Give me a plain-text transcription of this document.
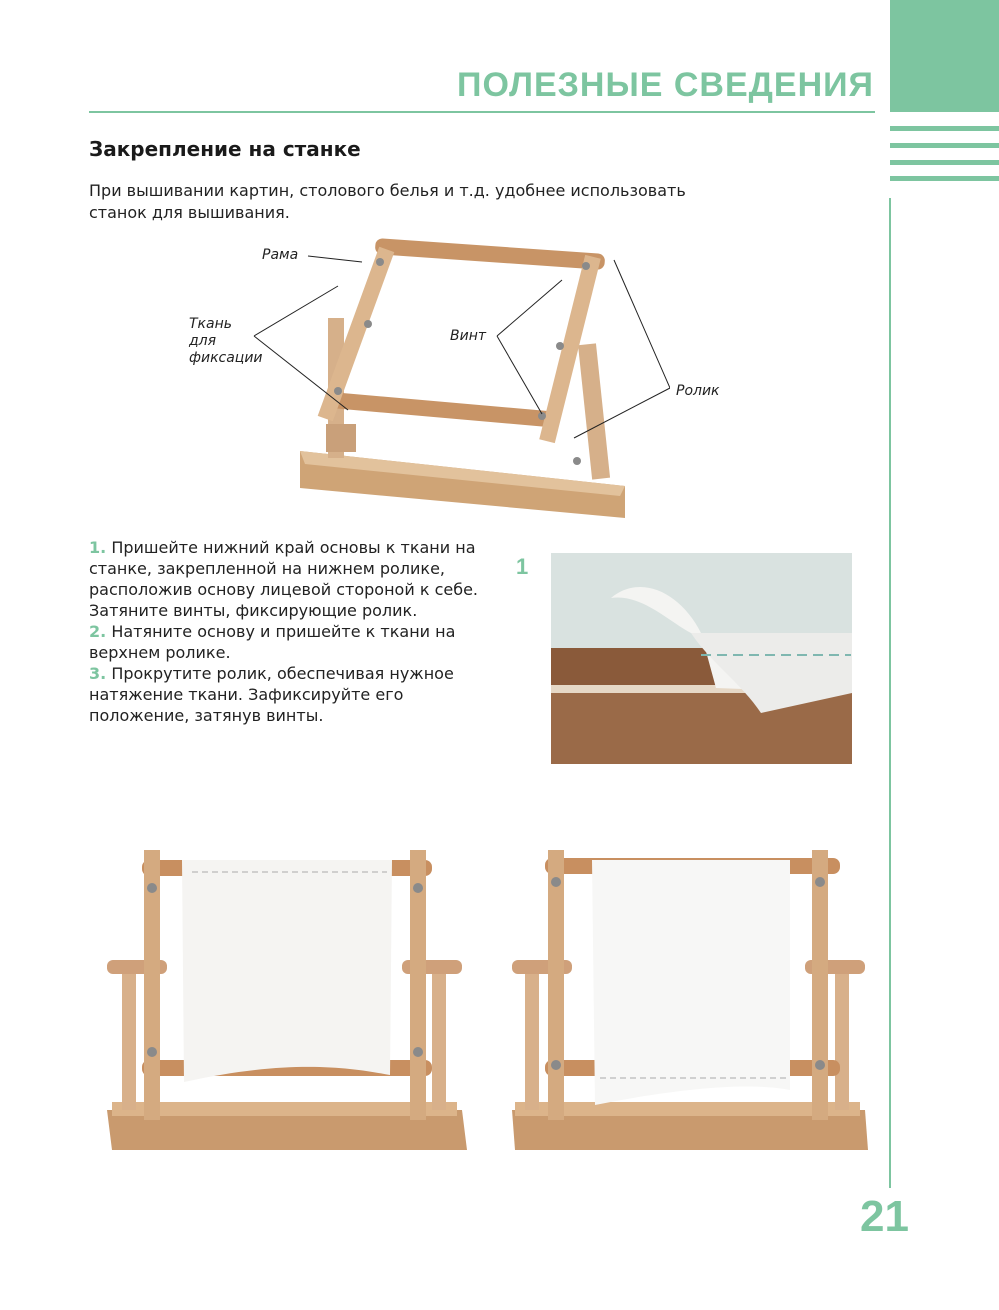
ПОЛЕЗНЫЕ СВЕДЕНИЯ
Закрепление на станке
При вышивании картин, столового белья и т.д. удобнее использовать станок для вышивания.
Рама
Ткань
для
фиксации
Винт
Ролик

1. Пришейте нижний край основы к ткани на станке, закрепленной на нижнем ролике, расположив основу лицевой стороной к себе. Затяните винты, фиксирующие ролик.

2. Натяните основу и пришейте к ткани на верхнем ролике.

3. Прокрутите ролик, обеспечивая нужное натяжение ткани. Зафиксируйте его положение, затянув винты.

1
21
